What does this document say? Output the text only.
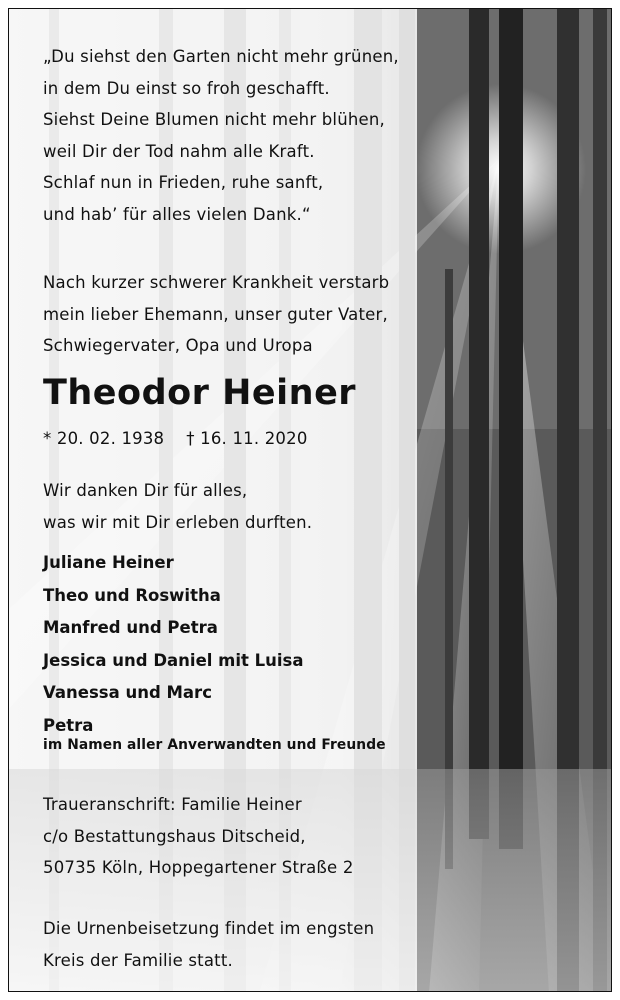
„Du siehst den Garten nicht mehr grünen,
in dem Du einst so froh geschafft.
Siehst Deine Blumen nicht mehr blühen,
weil Dir der Tod nahm alle Kraft.
Schlaf nun in Frieden, ruhe sanft,
und hab’ für alles vielen Dank.“
Nach kurzer schwerer Krankheit verstarb
mein lieber Ehemann, unser guter Vater,
Schwiegervater, Opa und Uropa
Theodor Heiner
* 20. 02. 1938 † 16. 11. 2020
Wir danken Dir für alles,
was wir mit Dir erleben durften.
Juliane Heiner
Theo und Roswitha
Manfred und Petra
Jessica und Daniel mit Luisa
Vanessa und Marc
Petra
im Namen aller Anverwandten und Freunde
Traueranschrift: Familie Heiner
c/o Bestattungshaus Ditscheid,
50735 Köln, Hoppegartener Straße 2
Die Urnenbeisetzung findet im engsten
Kreis der Familie statt.
